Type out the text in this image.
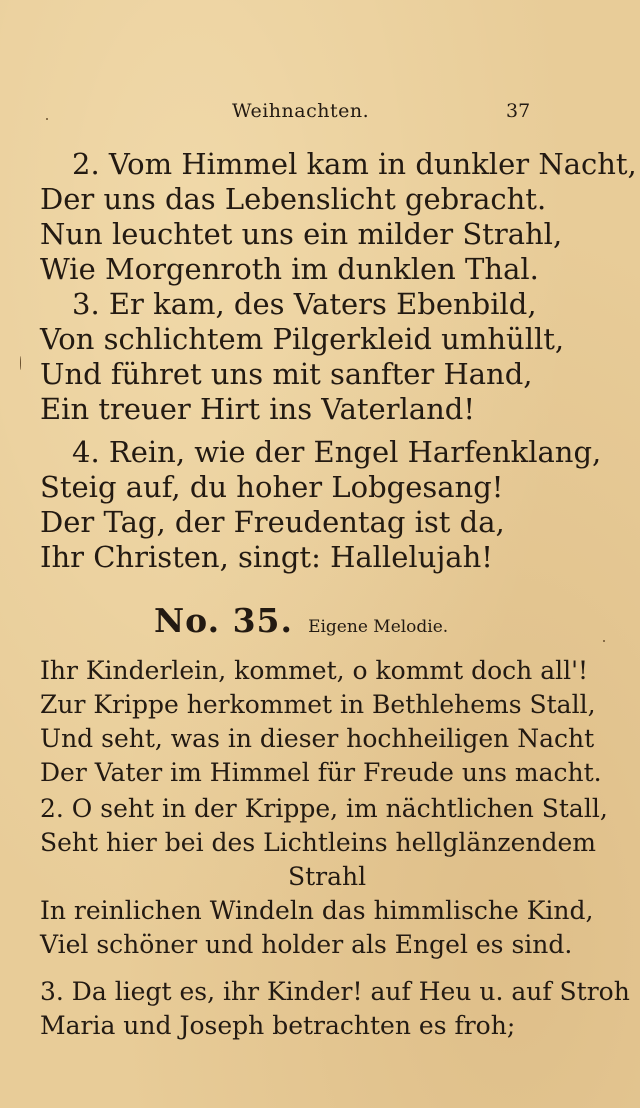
Weihnachten.	37
2. Vom Himmel kam in dunkler Nacht,
Der uns das Lebenslicht gebracht.
Nun leuchtet uns ein milder Strahl,
Wie Morgenroth im dunklen Thal.
3. Er kam, des Vaters Ebenbild,
Von schlichtem Pilgerkleid umhüllt,
Und führet uns mit sanfter Hand,
Ein treuer Hirt ins Vaterland!
4. Rein, wie der Engel Harfenklang,
Steig auf, du hoher Lobgesang!
Der Tag, der Freudentag ist da,
Ihr Christen, singt: Hallelujah!
No. 35. Eigene Melodie.
Ihr Kinderlein, kommet, o kommt doch all'!
Zur Krippe herkommet in Bethlehems Stall,
Und seht, was in dieser hochheiligen Nacht
Der Vater im Himmel für Freude uns macht.
2. O seht in der Krippe, im nächtlichen Stall,
Seht hier bei des Lichtleins hellglänzendem
Strahl
In reinlichen Windeln das himmlische Kind,
Viel schöner und holder als Engel es sind.
3. Da liegt es, ihr Kinder! auf Heu u. auf Stroh
Maria und Joseph betrachten es froh;
